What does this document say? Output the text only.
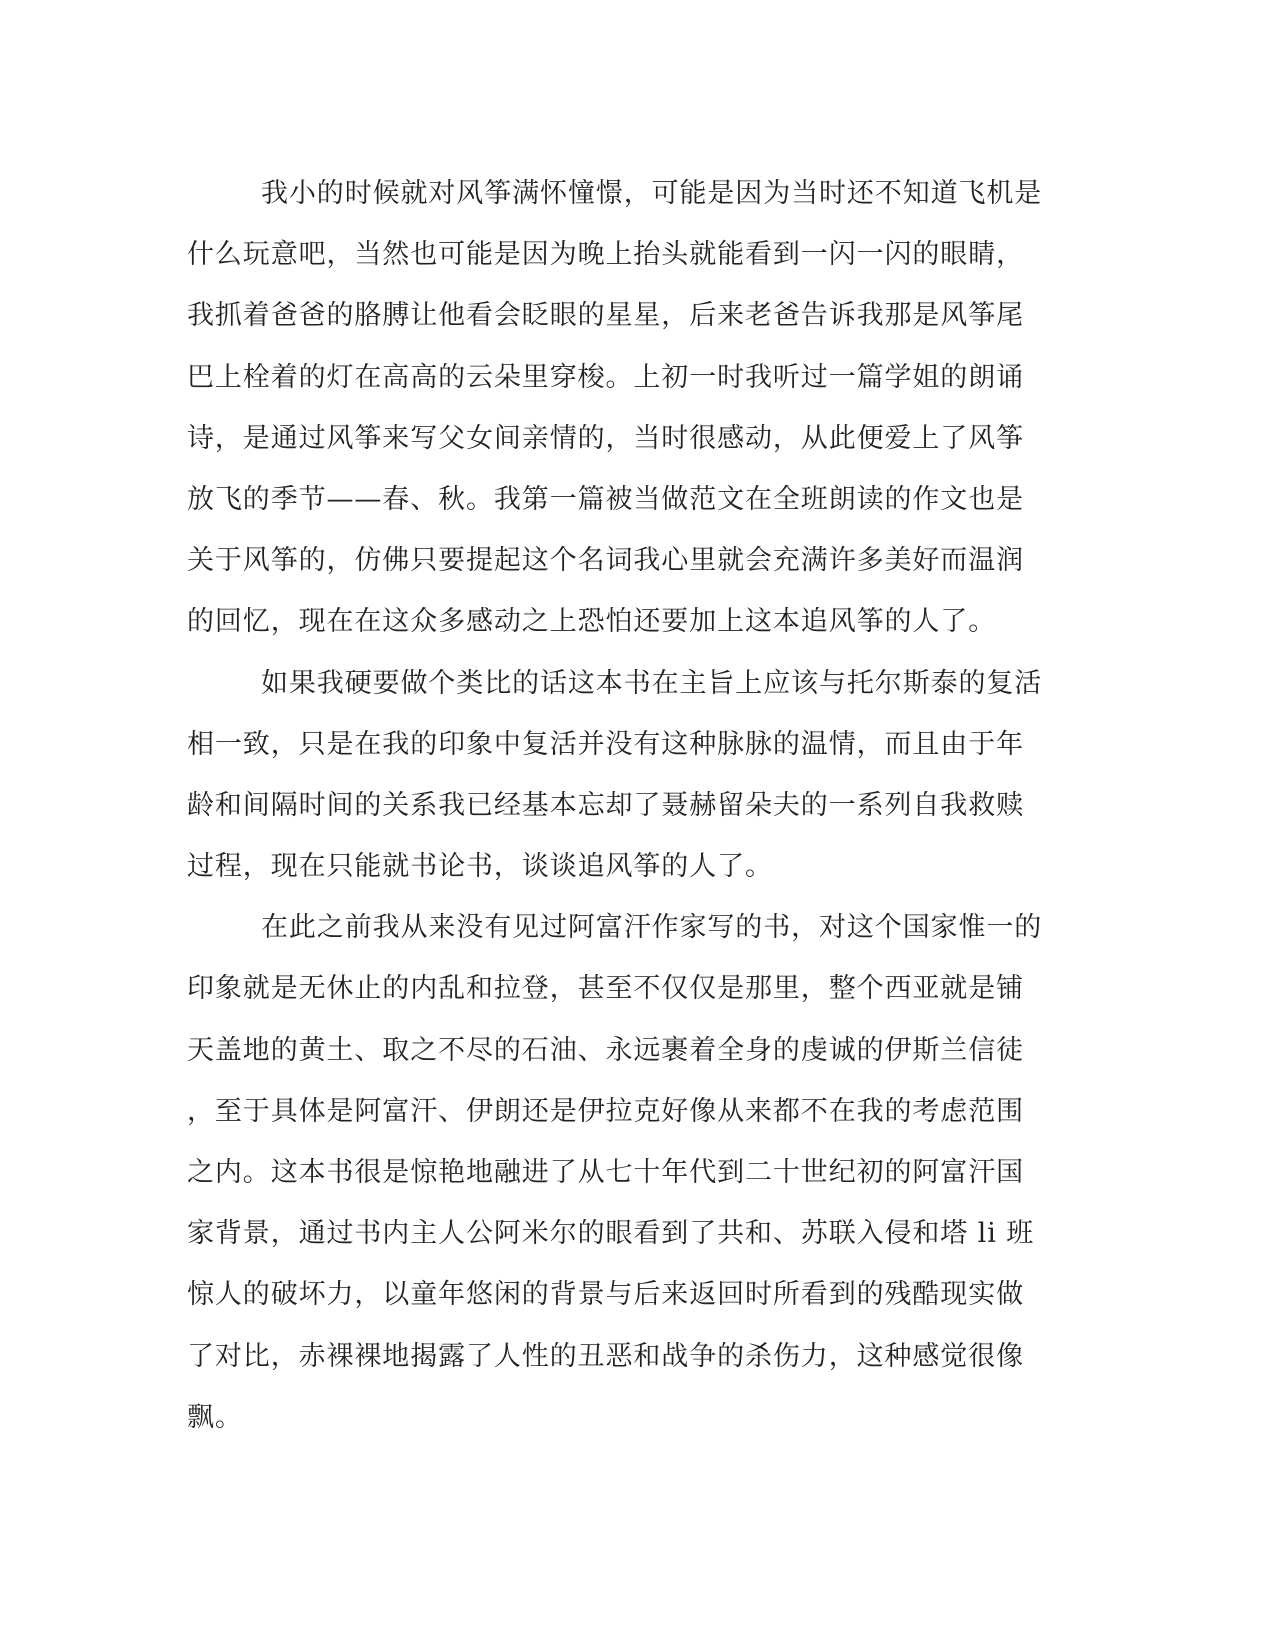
我小的时候就对风筝满怀憧憬，可能是因为当时还不知道飞机是
什么玩意吧，当然也可能是因为晚上抬头就能看到一闪一闪的眼睛，
我抓着爸爸的胳膊让他看会眨眼的星星，后来老爸告诉我那是风筝尾
巴上栓着的灯在高高的云朵里穿梭。上初一时我听过一篇学姐的朗诵
诗，是通过风筝来写父女间亲情的，当时很感动，从此便爱上了风筝
放飞的季节——春、秋。我第一篇被当做范文在全班朗读的作文也是
关于风筝的，仿佛只要提起这个名词我心里就会充满许多美好而温润
的回忆，现在在这众多感动之上恐怕还要加上这本追风筝的人了。
如果我硬要做个类比的话这本书在主旨上应该与托尔斯泰的复活
相一致，只是在我的印象中复活并没有这种脉脉的温情，而且由于年
龄和间隔时间的关系我已经基本忘却了聂赫留朵夫的一系列自我救赎
过程，现在只能就书论书，谈谈追风筝的人了。
在此之前我从来没有见过阿富汗作家写的书，对这个国家惟一的
印象就是无休止的内乱和拉登，甚至不仅仅是那里，整个西亚就是铺
天盖地的黄土、取之不尽的石油、永远裹着全身的虔诚的伊斯兰信徒
，至于具体是阿富汗、伊朗还是伊拉克好像从来都不在我的考虑范围
之内。这本书很是惊艳地融进了从七十年代到二十世纪初的阿富汗国
家背景，通过书内主人公阿米尔的眼看到了共和、苏联入侵和塔 li 班
惊人的破坏力，以童年悠闲的背景与后来返回时所看到的残酷现实做
了对比，赤裸裸地揭露了人性的丑恶和战争的杀伤力，这种感觉很像
飘。
